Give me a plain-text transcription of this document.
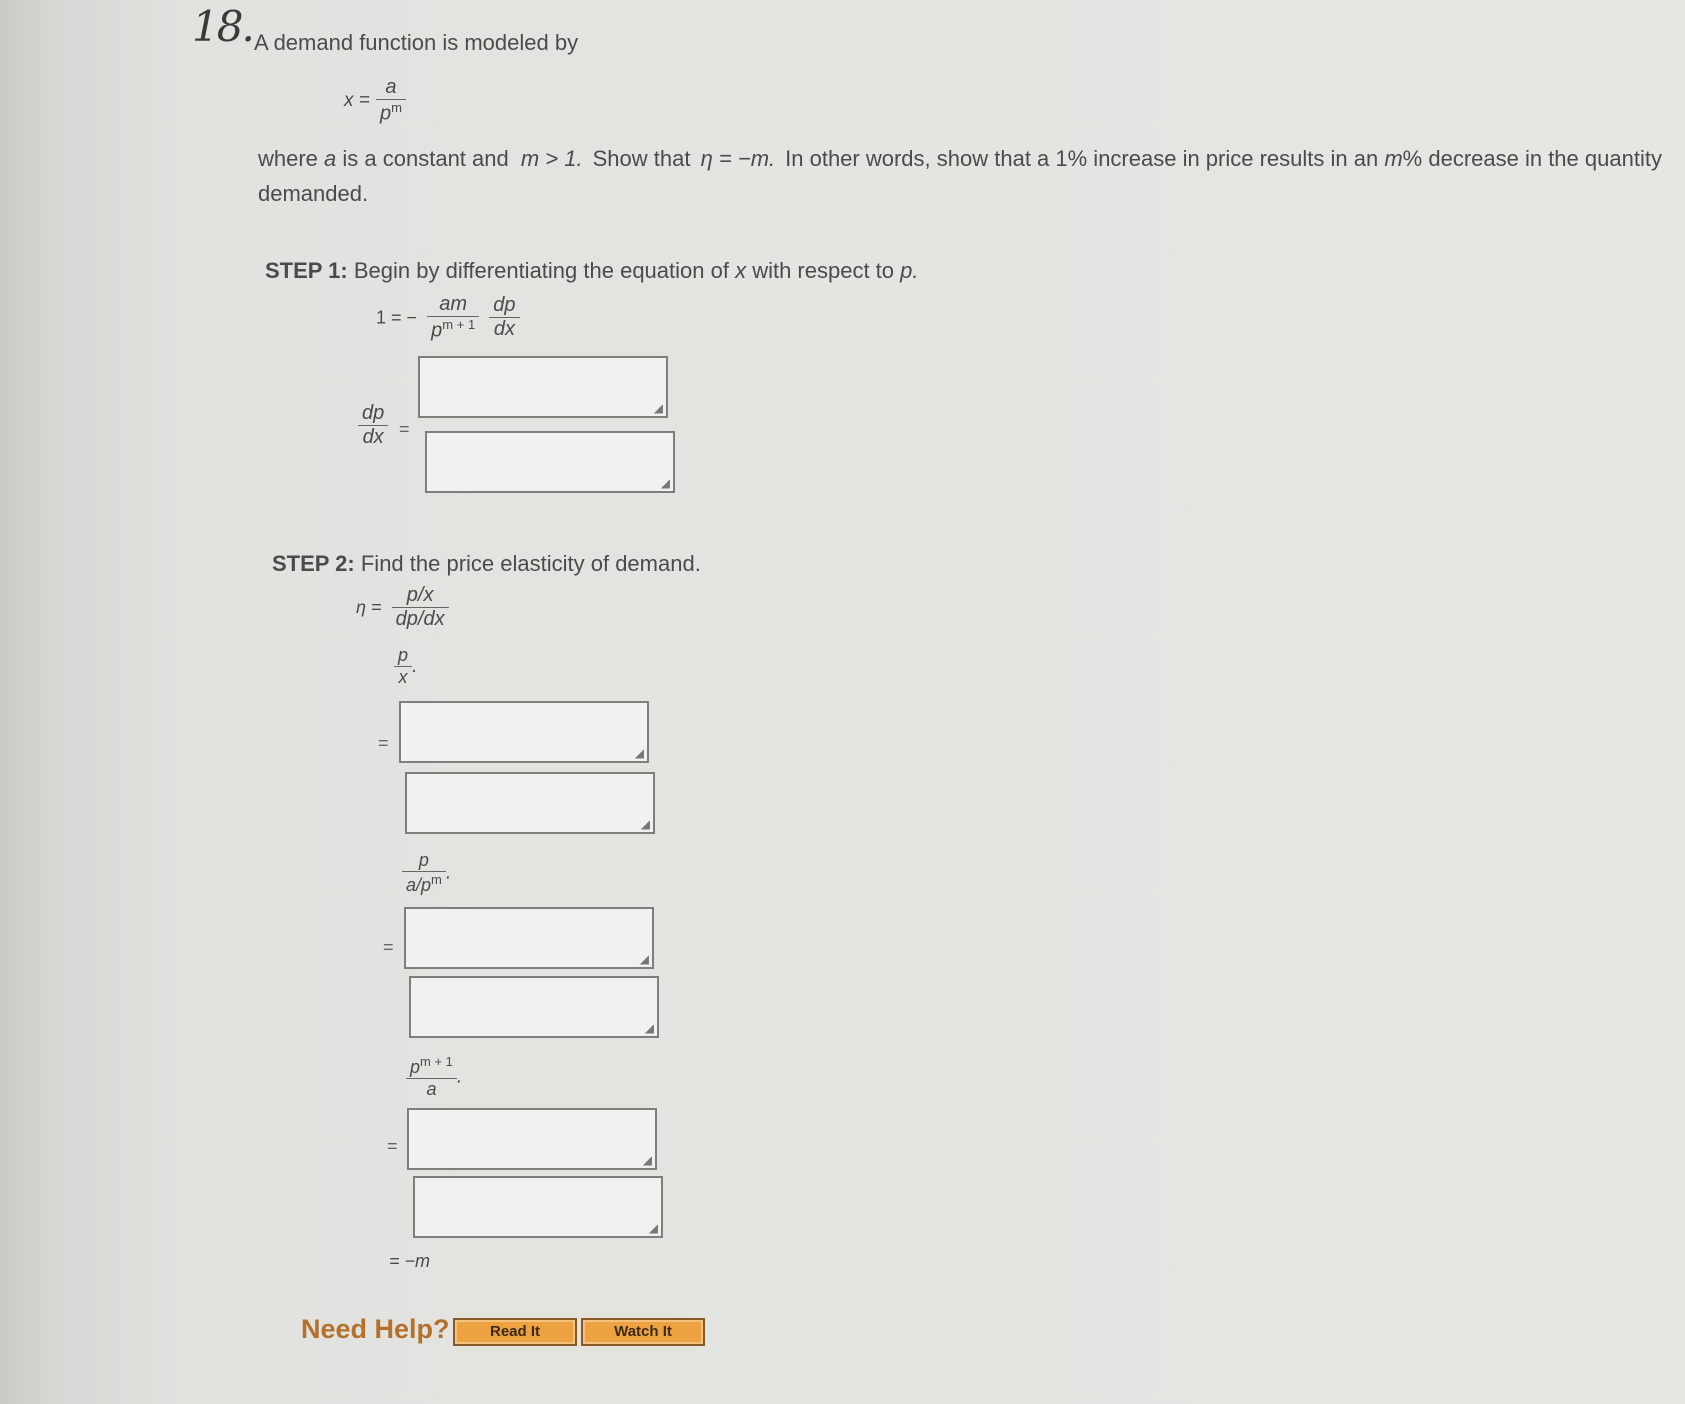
18. A demand function is modeled by
$x = \frac{a}{p^m}$
where a is a constant and m > 1. Show that η = −m. In other words, show that a 1% increase in price results in an m% decrease in the quantity
demanded.
STEP 1: Begin by differentiating the equation of x with respect to p.
1 = − $\frac{am}{p^{m + 1}}$
$\frac{dp}{dx}$
$\frac{dp}{dx}$ =
◢
◢
STEP 2: Find the price elasticity of demand.
$\eta = \frac{p/x}{dp/dx}$
$\frac{p}{x}$ .
=	◢
◢
$\frac{p}{a/p^m}$ .
=
◢
◢
$\frac{p^{m + 1}}{a}$ .
=
◢
◢
= −m
Need Help?	Read It	Watch It
